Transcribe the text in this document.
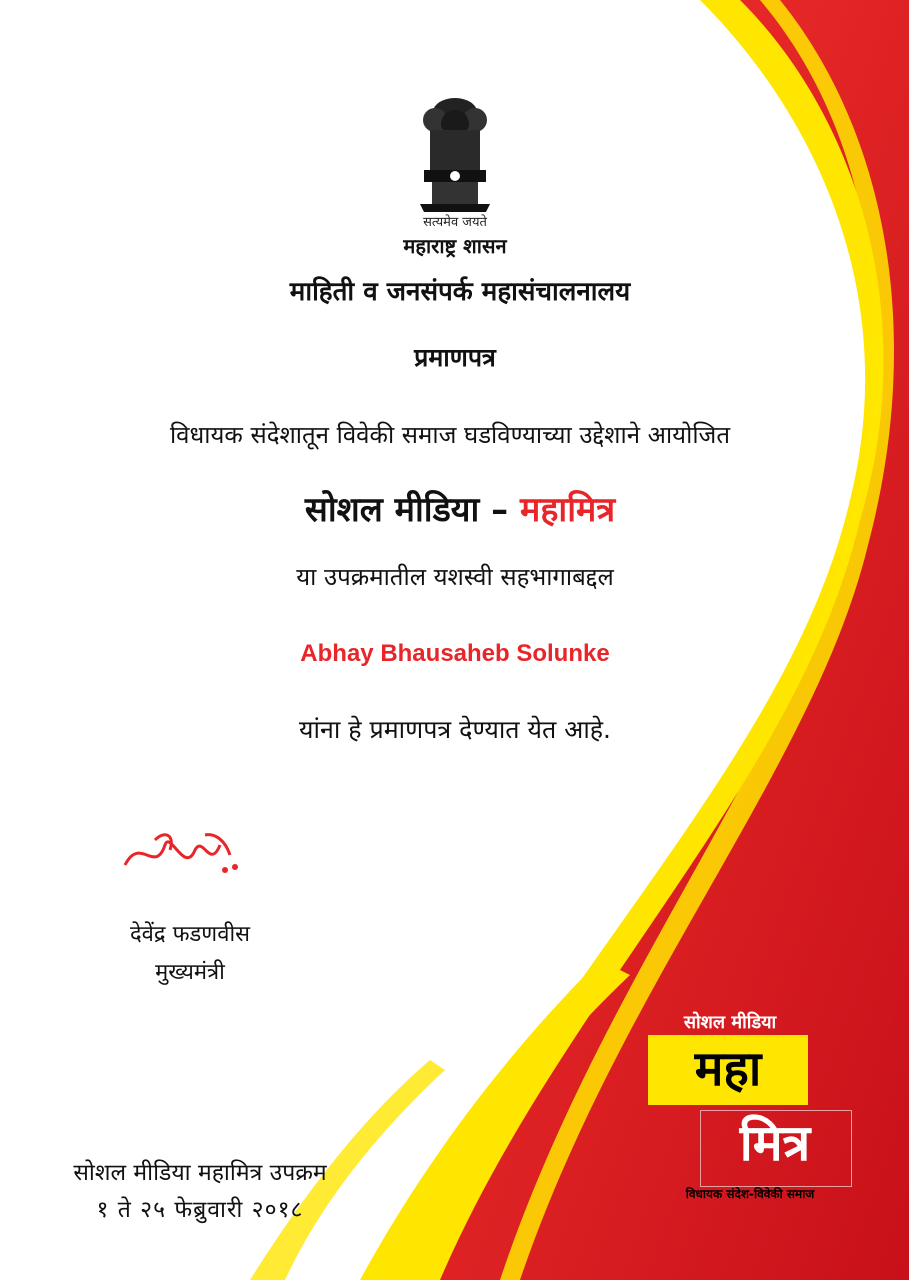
सत्यमेव जयते
महाराष्ट्र शासन
माहिती व जनसंपर्क महासंचालनालय
प्रमाणपत्र
विधायक संदेशातून विवेकी समाज घडविण्याच्या उद्देशाने आयोजित
सोशल मीडिया – महामित्र
या उपक्रमातील यशस्वी सहभागाबद्दल
Abhay Bhausaheb Solunke
यांना हे प्रमाणपत्र देण्यात येत आहे.
देवेंद्र फडणवीस
मुख्यमंत्री
सोशल मीडिया महामित्र उपक्रम
१ ते २५ फेब्रुवारी २०१८
सोशल मीडिया
महा
मित्र
विधायक संदेश-विवेकी समाज
